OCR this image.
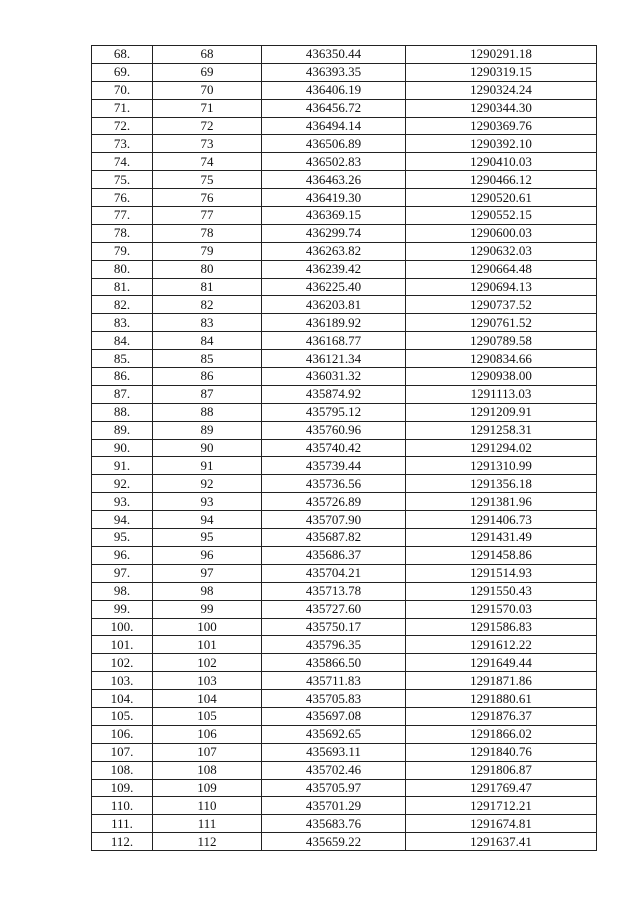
68.	68	436350.44	1290291.18
69.	69	436393.35	1290319.15
70.	70	436406.19	1290324.24
71.	71	436456.72	1290344.30
72.	72	436494.14	1290369.76
73.	73	436506.89	1290392.10
74.	74	436502.83	1290410.03
75.	75	436463.26	1290466.12
76.	76	436419.30	1290520.61
77.	77	436369.15	1290552.15
78.	78	436299.74	1290600.03
79.	79	436263.82	1290632.03
80.	80	436239.42	1290664.48
81.	81	436225.40	1290694.13
82.	82	436203.81	1290737.52
83.	83	436189.92	1290761.52
84.	84	436168.77	1290789.58
85.	85	436121.34	1290834.66
86.	86	436031.32	1290938.00
87.	87	435874.92	1291113.03
88.	88	435795.12	1291209.91
89.	89	435760.96	1291258.31
90.	90	435740.42	1291294.02
91.	91	435739.44	1291310.99
92.	92	435736.56	1291356.18
93.	93	435726.89	1291381.96
94.	94	435707.90	1291406.73
95.	95	435687.82	1291431.49
96.	96	435686.37	1291458.86
97.	97	435704.21	1291514.93
98.	98	435713.78	1291550.43
99.	99	435727.60	1291570.03
100.	100	435750.17	1291586.83
101.	101	435796.35	1291612.22
102.	102	435866.50	1291649.44
103.	103	435711.83	1291871.86
104.	104	435705.83	1291880.61
105.	105	435697.08	1291876.37
106.	106	435692.65	1291866.02
107.	107	435693.11	1291840.76
108.	108	435702.46	1291806.87
109.	109	435705.97	1291769.47
110.	110	435701.29	1291712.21
111.	111	435683.76	1291674.81
112.	112	435659.22	1291637.41
